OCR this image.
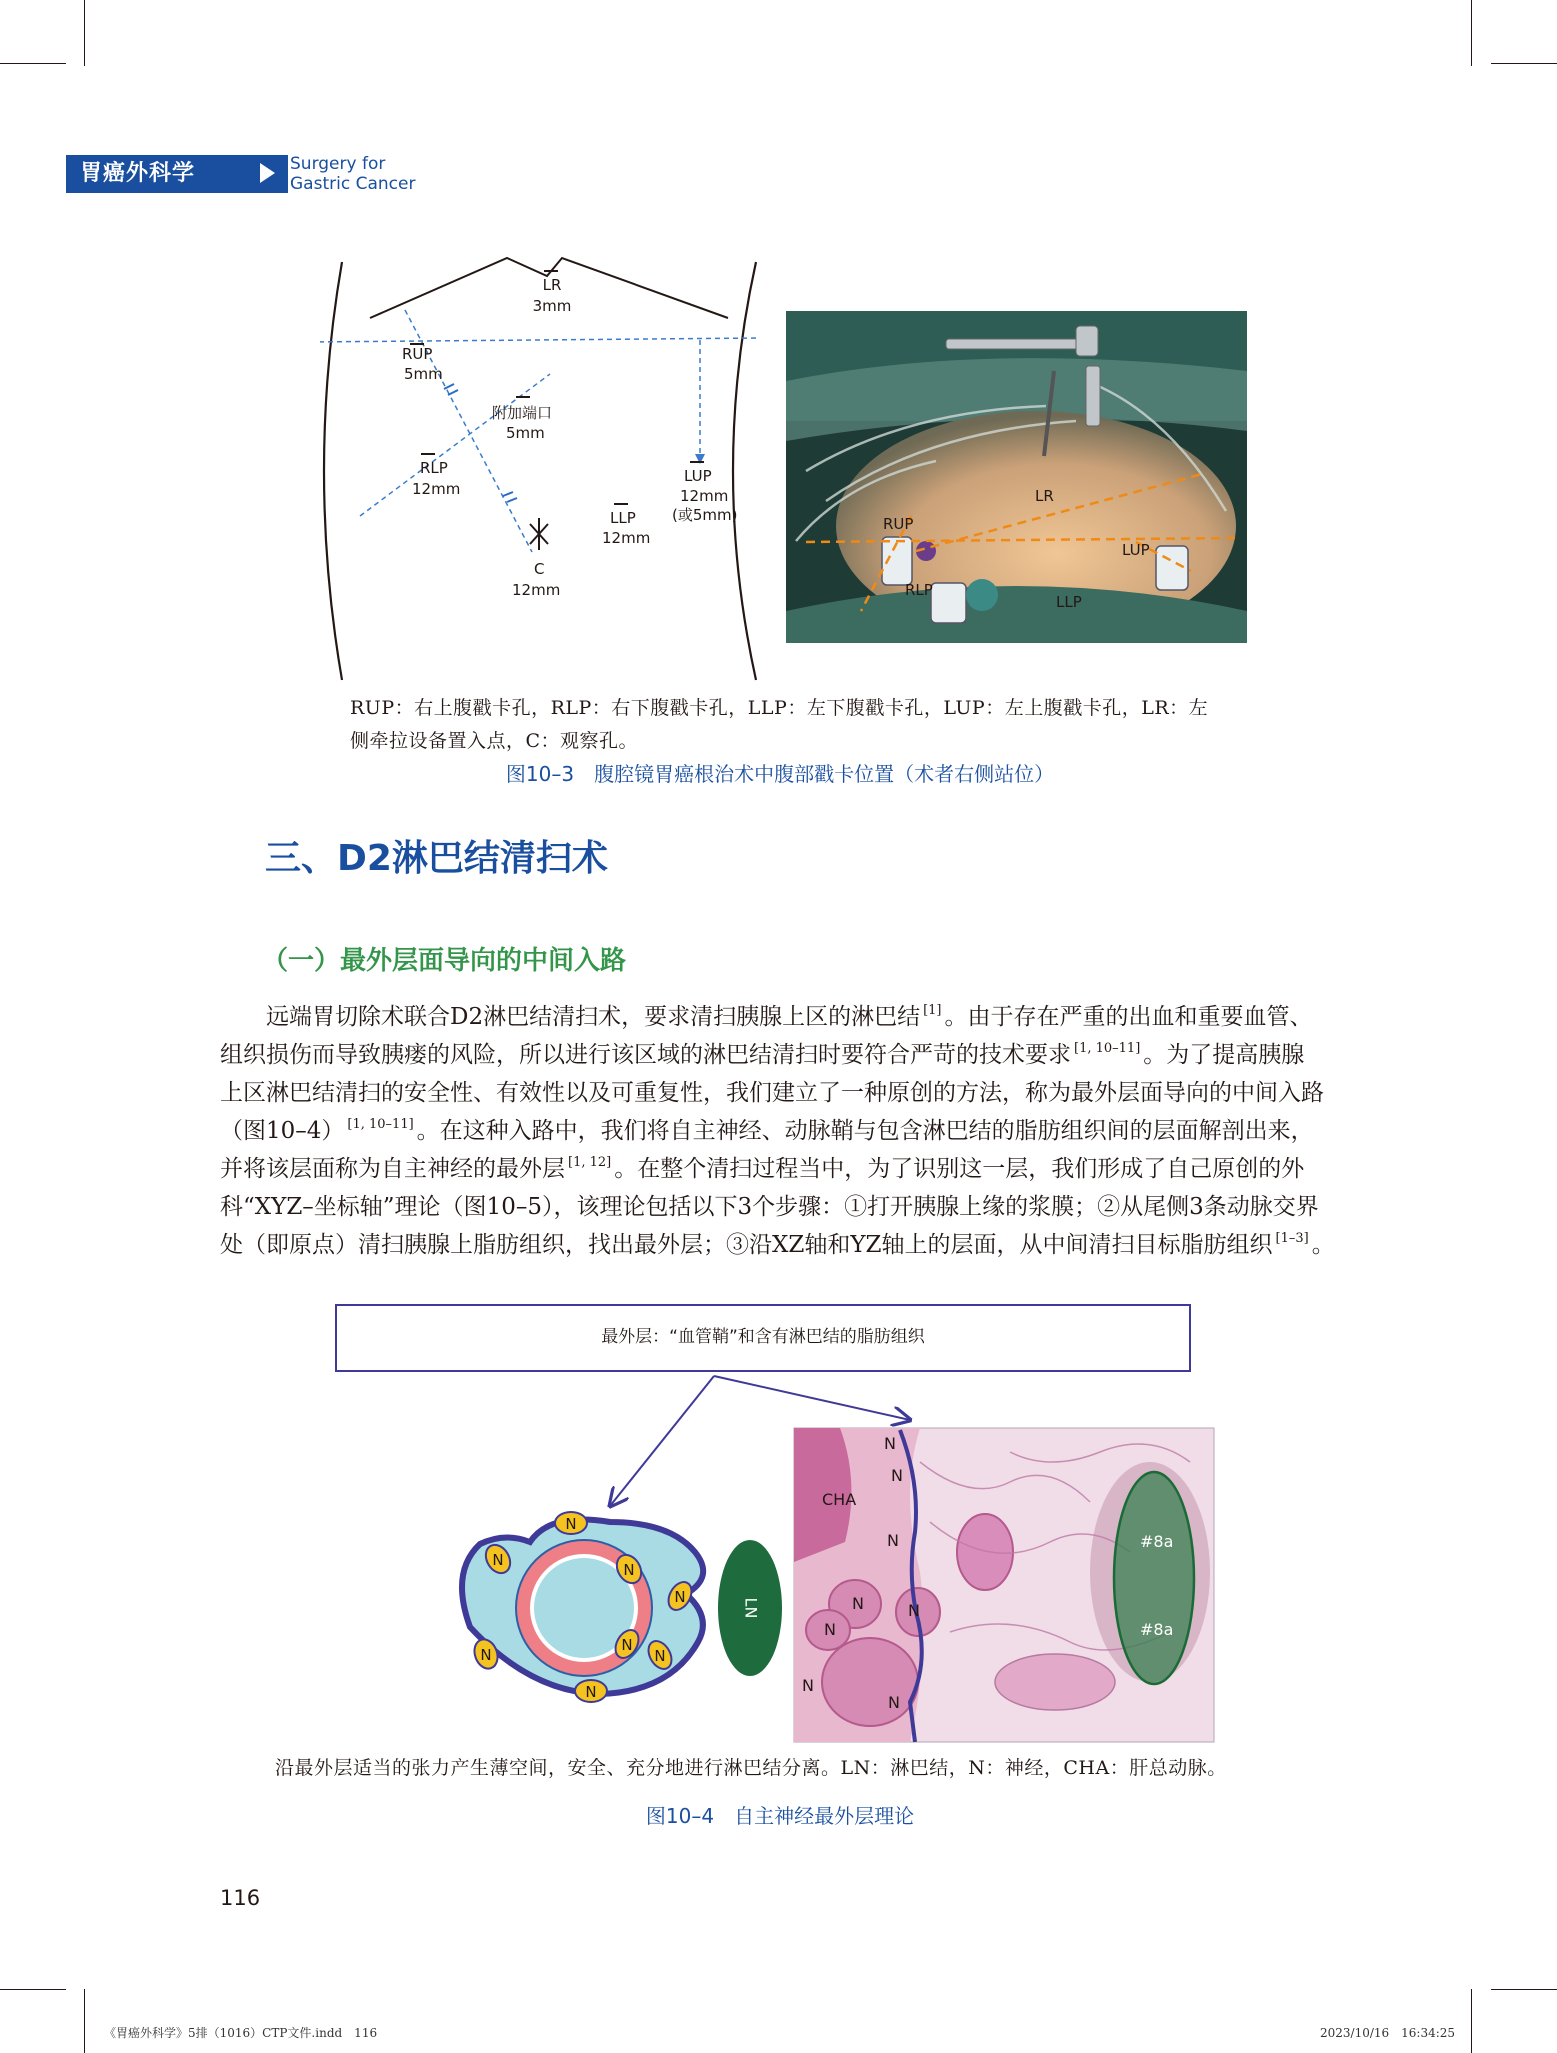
胃癌外科学	Surgery for
Gastric Cancer
LR
3mm
RUP
5mm
附加端口
5mm
RLP
12mm
LUP
12mm
(或5mm)
LLP
12mm
C
12mm
LR
RUP
LUP
RLP
LLP
RUP：右上腹戳卡孔，RLP：右下腹戳卡孔，LLP：左下腹戳卡孔，LUP：左上腹戳卡孔，LR：左
侧牵拉设备置入点，C：观察孔。
图10–3　腹腔镜胃癌根治术中腹部戳卡位置（术者右侧站位）
三、D2淋巴结清扫术
（一）最外层面导向的中间入路
远端胃切除术联合D2淋巴结清扫术，要求清扫胰腺上区的淋巴结 [1] 。由于存在严重的出血和重要血管、
组织损伤而导致胰瘘的风险，所以进行该区域的淋巴结清扫时要符合严苛的技术要求 [1, 10–11] 。为了提高胰腺
上区淋巴结清扫的安全性、有效性以及可重复性，我们建立了一种原创的方法，称为最外层面导向的中间入路
（图10–4） [1, 10–11] 。在这种入路中，我们将自主神经、动脉鞘与包含淋巴结的脂肪组织间的层面解剖出来，
并将该层面称为自主神经的最外层 [1, 12] 。在整个清扫过程当中，为了识别这一层，我们形成了自己原创的外
科“XYZ–坐标轴”理论（图10–5），该理论包括以下3个步骤：①打开胰腺上缘的浆膜；②从尾侧3条动脉交界
处（即原点）清扫胰腺上脂肪组织，找出最外层；③沿XZ轴和YZ轴上的层面，从中间清扫目标脂肪组织 [1–3] 。
最外层：“血管鞘”和含有淋巴结的脂肪组织
N
N
N
N
N
N
N
N
LN
CHA
#8a
#8a
N
N
N
N	N
N
N
N
沿最外层适当的张力产生薄空间，安全、充分地进行淋巴结分离。LN：淋巴结，N：神经，CHA：肝总动脉。
图10–4　自主神经最外层理论
116
《胃癌外科学》5排（1016）CTP文件.indd　116	2023/10/16　16:34:25
